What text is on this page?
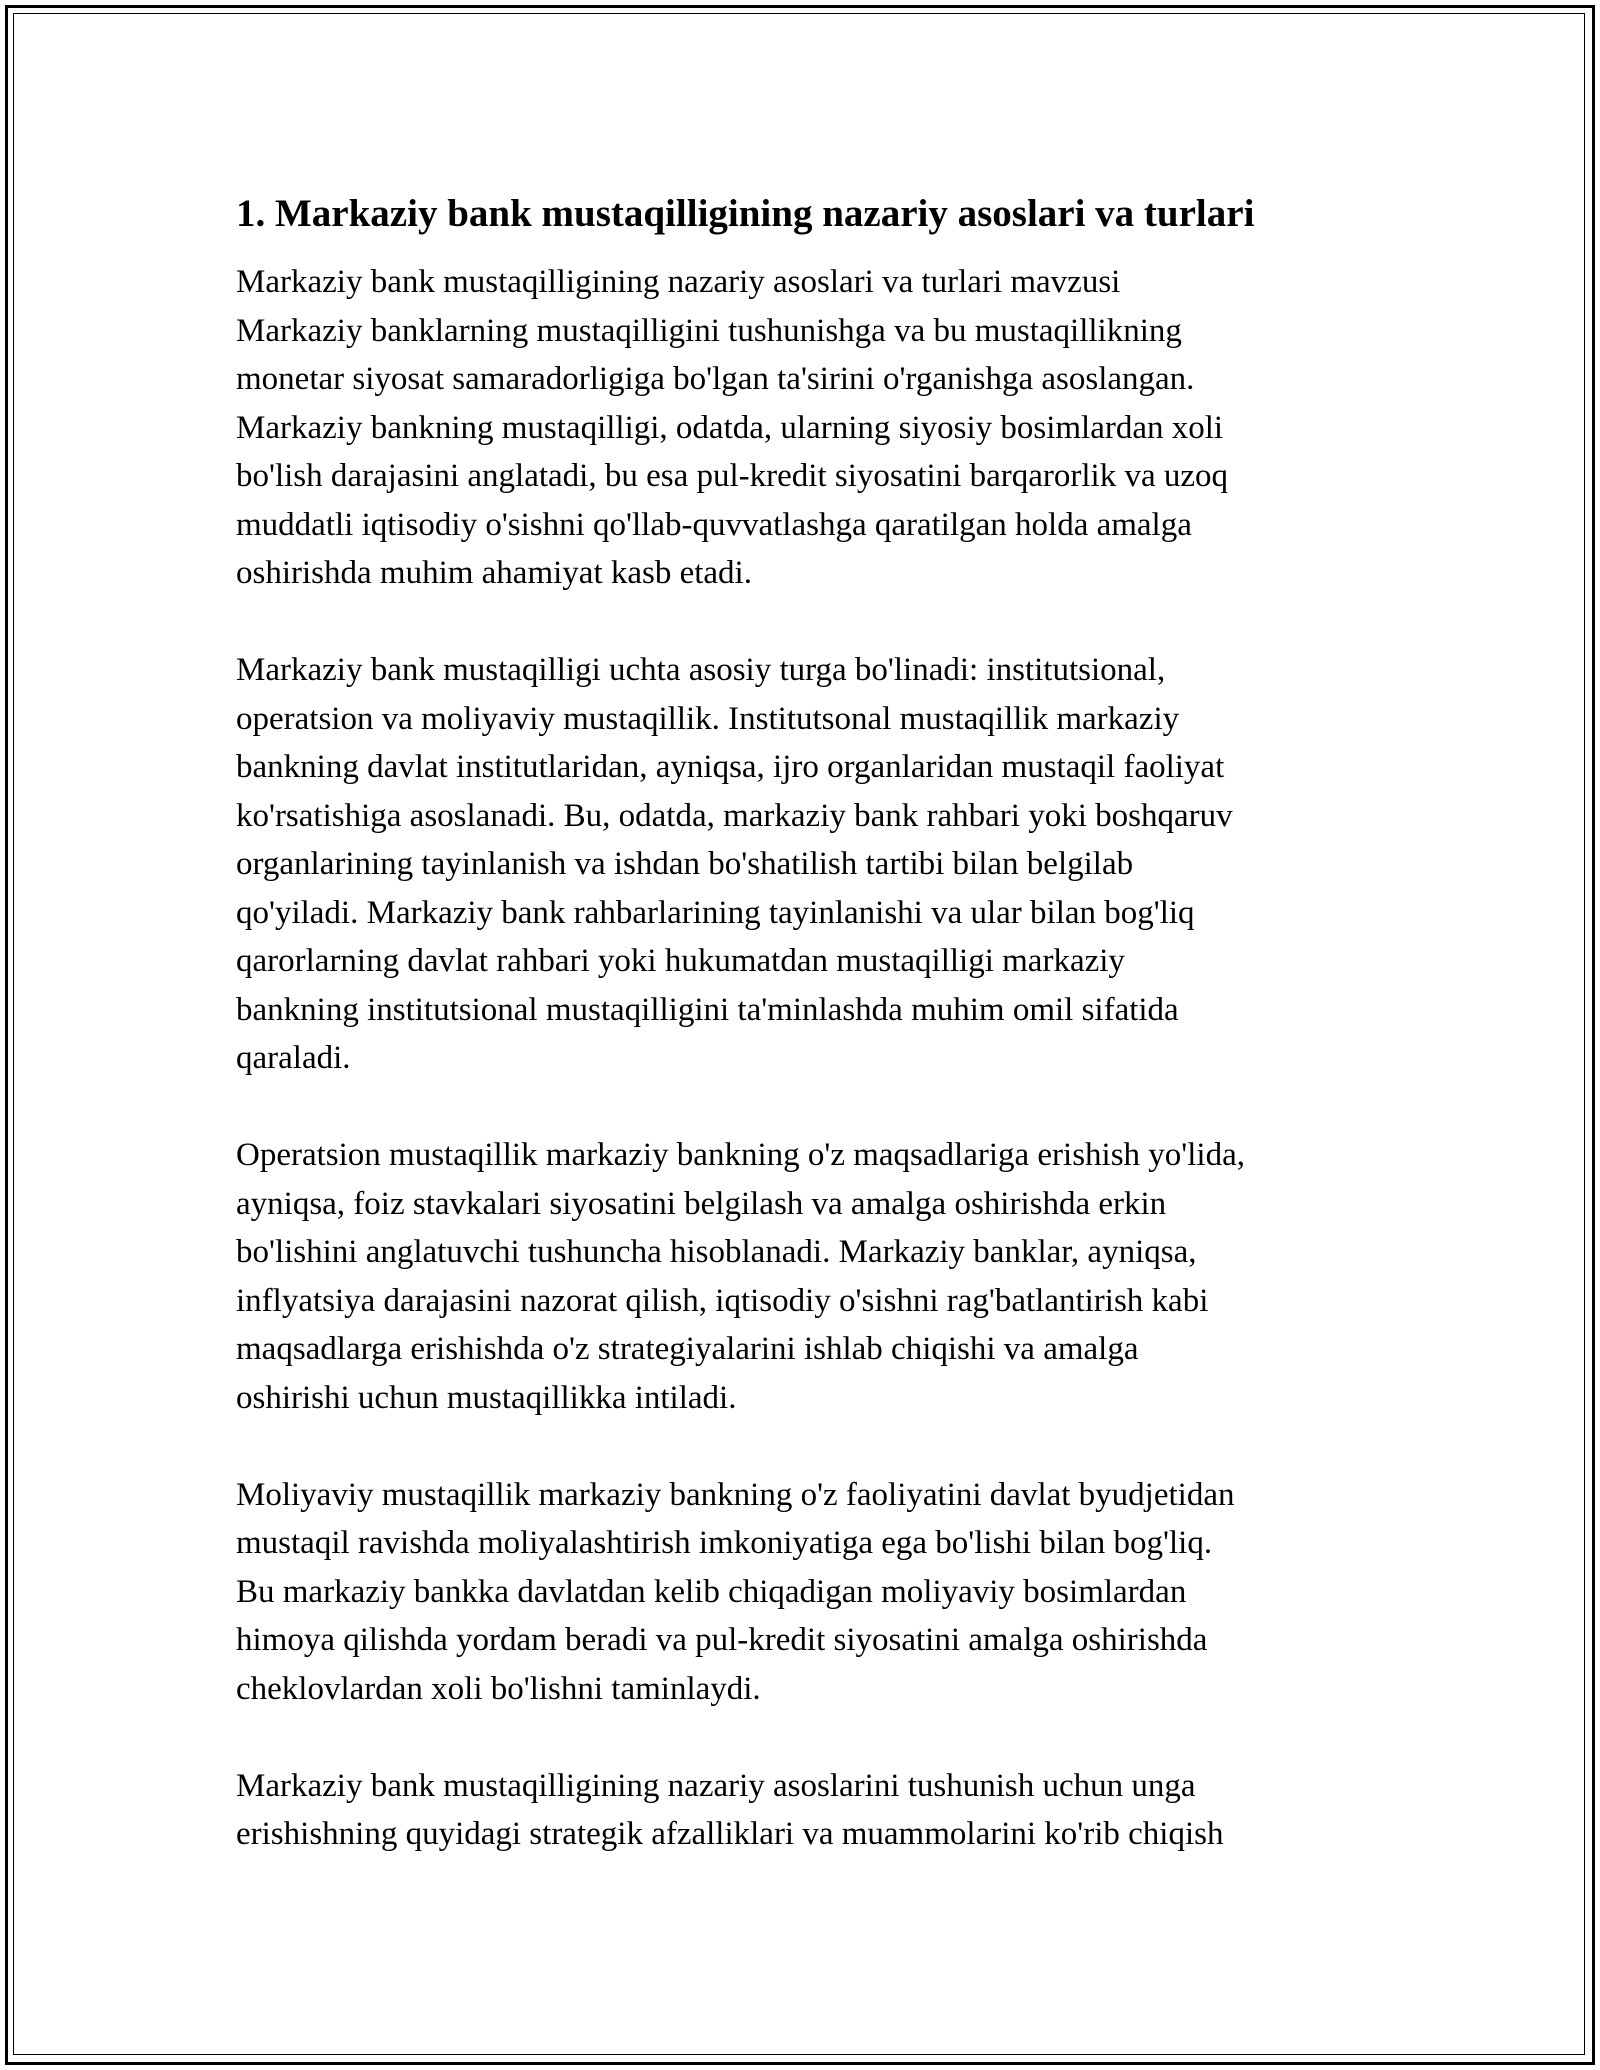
1. Markaziy bank mustaqilligining nazariy asoslari va turlari
Markaziy bank mustaqilligining nazariy asoslari va turlari mavzusi
Markaziy banklarning mustaqilligini tushunishga va bu mustaqillikning
monetar siyosat samaradorligiga bo'lgan ta'sirini o'rganishga asoslangan.
Markaziy bankning mustaqilligi, odatda, ularning siyosiy bosimlardan xoli
bo'lish darajasini anglatadi, bu esa pul-kredit siyosatini barqarorlik va uzoq
muddatli iqtisodiy o'sishni qo'llab-quvvatlashga qaratilgan holda amalga
oshirishda muhim ahamiyat kasb etadi.
Markaziy bank mustaqilligi uchta asosiy turga bo'linadi: institutsional,
operatsion va moliyaviy mustaqillik. Institutsonal mustaqillik markaziy
bankning davlat institutlaridan, ayniqsa, ijro organlaridan mustaqil faoliyat
ko'rsatishiga asoslanadi. Bu, odatda, markaziy bank rahbari yoki boshqaruv
organlarining tayinlanish va ishdan bo'shatilish tartibi bilan belgilab
qo'yiladi. Markaziy bank rahbarlarining tayinlanishi va ular bilan bog'liq
qarorlarning davlat rahbari yoki hukumatdan mustaqilligi markaziy
bankning institutsional mustaqilligini ta'minlashda muhim omil sifatida
qaraladi.
Operatsion mustaqillik markaziy bankning o'z maqsadlariga erishish yo'lida,
ayniqsa, foiz stavkalari siyosatini belgilash va amalga oshirishda erkin
bo'lishini anglatuvchi tushuncha hisoblanadi. Markaziy banklar, ayniqsa,
inflyatsiya darajasini nazorat qilish, iqtisodiy o'sishni rag'batlantirish kabi
maqsadlarga erishishda o'z strategiyalarini ishlab chiqishi va amalga
oshirishi uchun mustaqillikka intiladi.
Moliyaviy mustaqillik markaziy bankning o'z faoliyatini davlat byudjetidan
mustaqil ravishda moliyalashtirish imkoniyatiga ega bo'lishi bilan bog'liq.
Bu markaziy bankka davlatdan kelib chiqadigan moliyaviy bosimlardan
himoya qilishda yordam beradi va pul-kredit siyosatini amalga oshirishda
cheklovlardan xoli bo'lishni taminlaydi.
Markaziy bank mustaqilligining nazariy asoslarini tushunish uchun unga
erishishning quyidagi strategik afzalliklari va muammolarini ko'rib chiqish
